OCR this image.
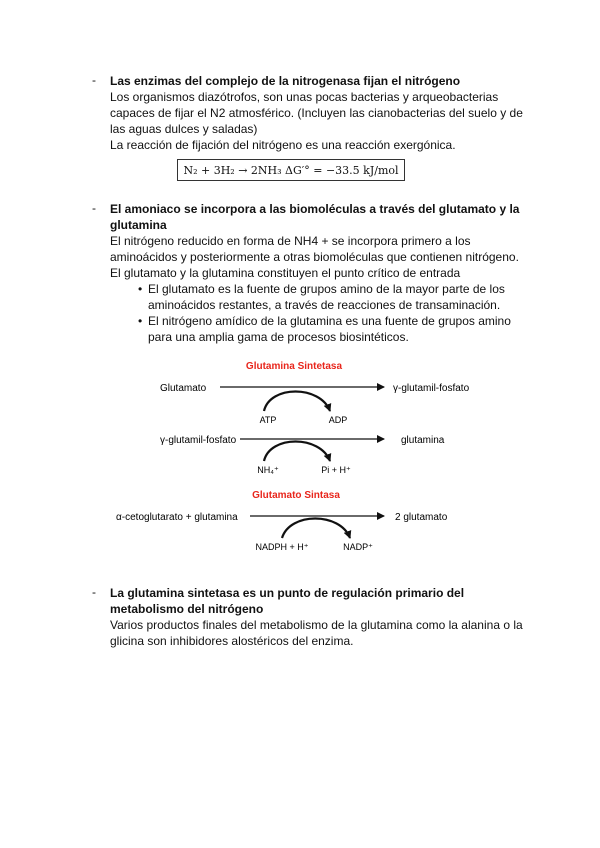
- Las enzimas del complejo de la nitrogenasa fijan el nitrógeno
Los organismos diazótrofos, son unas pocas bacterias y arqueobacterias capaces de fijar el N2 atmosférico. (Incluyen las cianobacterias del suelo y de las aguas dulces y saladas)
La reacción de fijación del nitrógeno es una reacción exergónica.
N₂ + 3H₂ → 2NH₃ ΔG′° = −33.5 kJ/mol
- El amoniaco se incorpora a las biomoléculas a través del glutamato y la glutamina
El nitrógeno reducido en forma de NH4 + se incorpora primero a los aminoácidos y posteriormente a otras biomoléculas que contienen nitrógeno.
El glutamato y la glutamina constituyen el punto crítico de entrada
• El glutamato es la fuente de grupos amino de la mayor parte de los aminoácidos restantes, a través de reacciones de transaminación.
• El nitrógeno amídico de la glutamina es una fuente de grupos amino para una amplia gama de procesos biosintéticos.
Glutamina Sintetasa
Glutamato	γ-glutamil-fosfato
ATP	ADP
γ-glutamil-fosfato	glutamina
NH₄⁺	Pi + H⁺
Glutamato Sintasa
α-cetoglutarato + glutamina	2 glutamato
NADPH + H⁺	NADP⁺
- La glutamina sintetasa es un punto de regulación primario del metabolismo del nitrógeno
Varios productos finales del metabolismo de la glutamina como la alanina o la glicina son inhibidores alostéricos del enzima.
